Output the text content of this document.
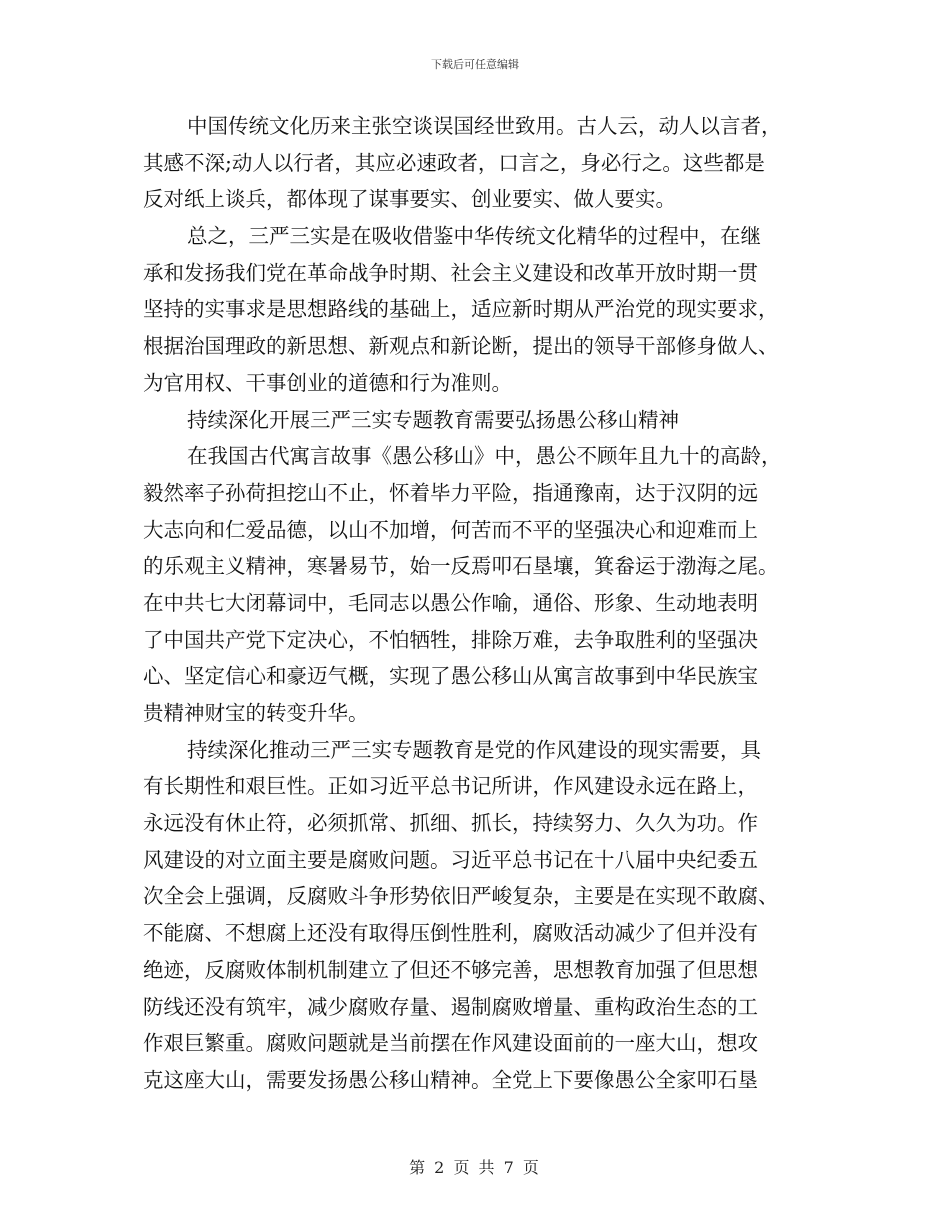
下载后可任意编辑
中国传统文化历来主张空谈误国经世致用。古人云，动人以言者，
其感不深;动人以行者，其应必速政者，口言之，身必行之。这些都是
反对纸上谈兵，都体现了谋事要实、创业要实、做人要实。
总之，三严三实是在吸收借鉴中华传统文化精华的过程中，在继
承和发扬我们党在革命战争时期、社会主义建设和改革开放时期一贯
坚持的实事求是思想路线的基础上，适应新时期从严治党的现实要求，
根据治国理政的新思想、新观点和新论断，提出的领导干部修身做人、
为官用权、干事创业的道德和行为准则。
持续深化开展三严三实专题教育需要弘扬愚公移山精神
在我国古代寓言故事《愚公移山》中，愚公不顾年且九十的高龄，
毅然率子孙荷担挖山不止，怀着毕力平险，指通豫南，达于汉阴的远
大志向和仁爱品德，以山不加增，何苦而不平的坚强决心和迎难而上
的乐观主义精神，寒暑易节，始一反焉叩石垦壤，箕畚运于渤海之尾。
在中共七大闭幕词中，毛同志以愚公作喻，通俗、形象、生动地表明
了中国共产党下定决心，不怕牺牲，排除万难，去争取胜利的坚强决
心、坚定信心和豪迈气概，实现了愚公移山从寓言故事到中华民族宝
贵精神财宝的转变升华。
持续深化推动三严三实专题教育是党的作风建设的现实需要，具
有长期性和艰巨性。正如习近平总书记所讲，作风建设永远在路上，
永远没有休止符，必须抓常、抓细、抓长，持续努力、久久为功。作
风建设的对立面主要是腐败问题。习近平总书记在十八届中央纪委五
次全会上强调，反腐败斗争形势依旧严峻复杂，主要是在实现不敢腐、
不能腐、不想腐上还没有取得压倒性胜利，腐败活动减少了但并没有
绝迹，反腐败体制机制建立了但还不够完善，思想教育加强了但思想
防线还没有筑牢，减少腐败存量、遏制腐败增量、重构政治生态的工
作艰巨繁重。腐败问题就是当前摆在作风建设面前的一座大山，想攻
克这座大山，需要发扬愚公移山精神。全党上下要像愚公全家叩石垦
第 2 页 共 7 页
